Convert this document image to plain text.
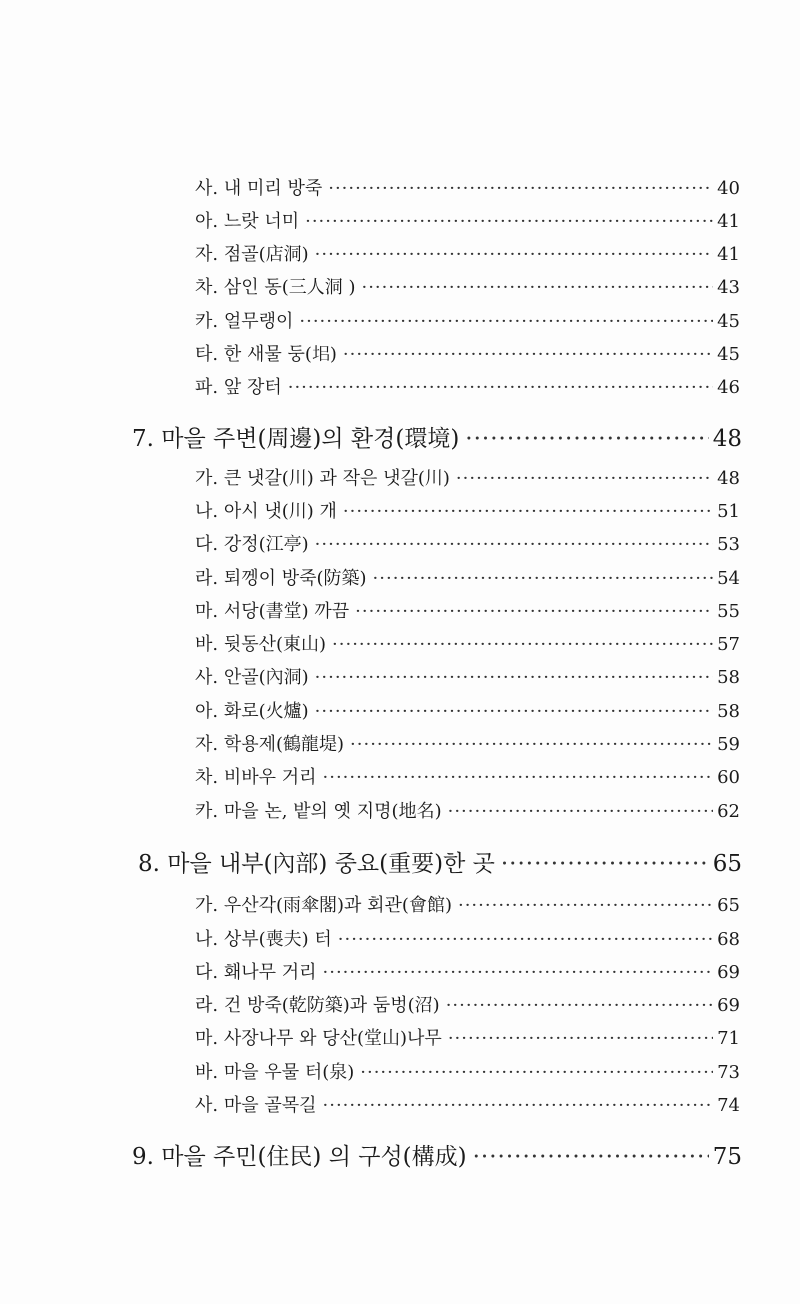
사. 내 미리 방죽 ·····	40
아. 느랏 너미 ·····	41
자. 점골(店洞) ·····	41
차. 삼인 동(三人洞 ) ·····	43
카. 얼무랭이 ·····	45
타. 한 새물 둥(𡊊) ·····	45
파. 앞 장터 ·····	46
7. 마을 주변(周邊)의 환경(環境) ·····	48
가. 큰 냇갈(川) 과 작은 냇갈(川) ·····	48
나. 아시 냇(川) 개 ·····	51
다. 강정(江亭) ·····	53
라. 퇴껭이 방죽(防築) ·····	54
마. 서당(書堂) 까끔 ·····	55
바. 뒷동산(東山) ·····	57
사. 안골(內洞) ·····	58
아. 화로(火爐) ·····	58
자. 학용제(鶴龍堤) ·····	59
차. 비바우 거리 ·····	60
카. 마을 논, 밭의 옛 지명(地名) ·····	62
8. 마을 내부(內部) 중요(重要)한 곳 ·····	65
가. 우산각(雨傘閣)과 회관(會館) ·····	65
나. 상부(喪夫) 터 ·····	68
다. 홰나무 거리 ·····	69
라. 건 방죽(乾防築)과 둠벙(沼) ·····	69
마. 사장나무 와 당산(堂山)나무 ·····	71
바. 마을 우물 터(泉) ·····	73
사. 마을 골목길 ·····	74
9. 마을 주민(住民) 의 구성(構成) ·····	75
